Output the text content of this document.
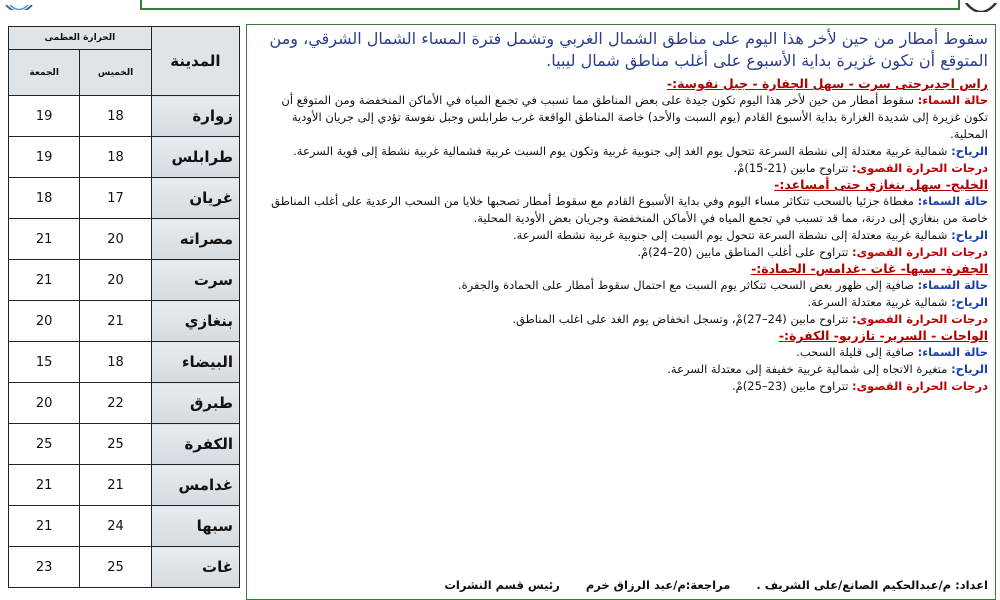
الحرارة العظمى		المدينة
الجمعة	الخميس	
19	18	زوارة
19	18	طرابلس
18	17	غريان
21	20	مصراته
21	20	سرت
20	21	بنغازي
15	18	البيضاء
20	22	طبرق
25	25	الكفرة
21	21	غدامس
21	24	سبها
23	25	غات

سقوط أمطار من حين لأخر هذا اليوم على مناطق الشمال الغربي وتشمل فترة المساء الشمال الشرقي، ومن المتوقع أن تكون غزيرة بداية الأسبوع على أغلب مناطق شمال ليبيا.

راس اجديرحتى سرت - سهل الجفارة - جبل نفوسة:-

حالة السماء: سقوط أمطار من حين لأخر هذا اليوم تكون جيدة على بعض المناطق مما تسبب في تجمع المياه في الأماكن المنخفضة ومن المتوقع أن تكون غزيرة إلى شديدة الغزارة بداية الأسبوع القادم (يوم السبت والأحد) خاصة المناطق الواقعة غرب طرابلس وجبل نفوسة تؤدي إلى جريان الأودية المحلية.

الرياح: شمالية غربية معتدلة إلى نشطة السرعة تتحول يوم الغد إلى جنوبية غربية وتكون يوم السبت غربية فشمالية غربية نشطة إلى قوية السرعة.

درجات الحرارة القصوى: تتراوح مابين (21-15)مْ.

الخليج- سهل بنغازي حتى أمساعد:-

حالة السماء: مغطاة جزئيا بالسحب تتكاثر مساء اليوم وفي بداية الأسبوع القادم مع سقوط أمطار تصحبها خلايا من السحب الرعدية على أغلب المناطق خاصة من بنغازي إلى درنة، مما قد تسبب في تجمع المياه في الأماكن المنخفضة وجريان بعض الأودية المحلية.

الرياح: شمالية غربية معتدلة إلى نشطة السرعة تتحول يوم السبت إلى جنوبية غربية نشطة السرعة.

درجات الحرارة القصوى: تتراوح على أغلب المناطق مابين (20–24)مْ.

الجفرة- سبها- غات -غدامس- الحمادة:-

حالة السماء: صافية إلى ظهور بعض السحب تتكاثر يوم السبت مع احتمال سقوط أمطار على الحمادة والجفرة.

الرياح: شمالية غربية معتدلة السرعة.

درجات الحرارة القصوى: تتراوح مابين (24–27)مْ، وتسجل انخفاض يوم الغد على اغلب المناطق.

الواحات - السرير- تازربو- الكفرة:-

حالة السماء: صافية إلى قليلة السحب.

الرياح: متغيرة الاتجاه إلى شمالية غربية خفيفة إلى معتدلة السرعة.

درجات الحرارة القصوى: تتراوح مابين (23–25)مْ.

اعداد: م/عبدالحكيم الصانع/على الشريف . مراجعة:م/عبد الرزاق خرم رئيس قسم النشرات
